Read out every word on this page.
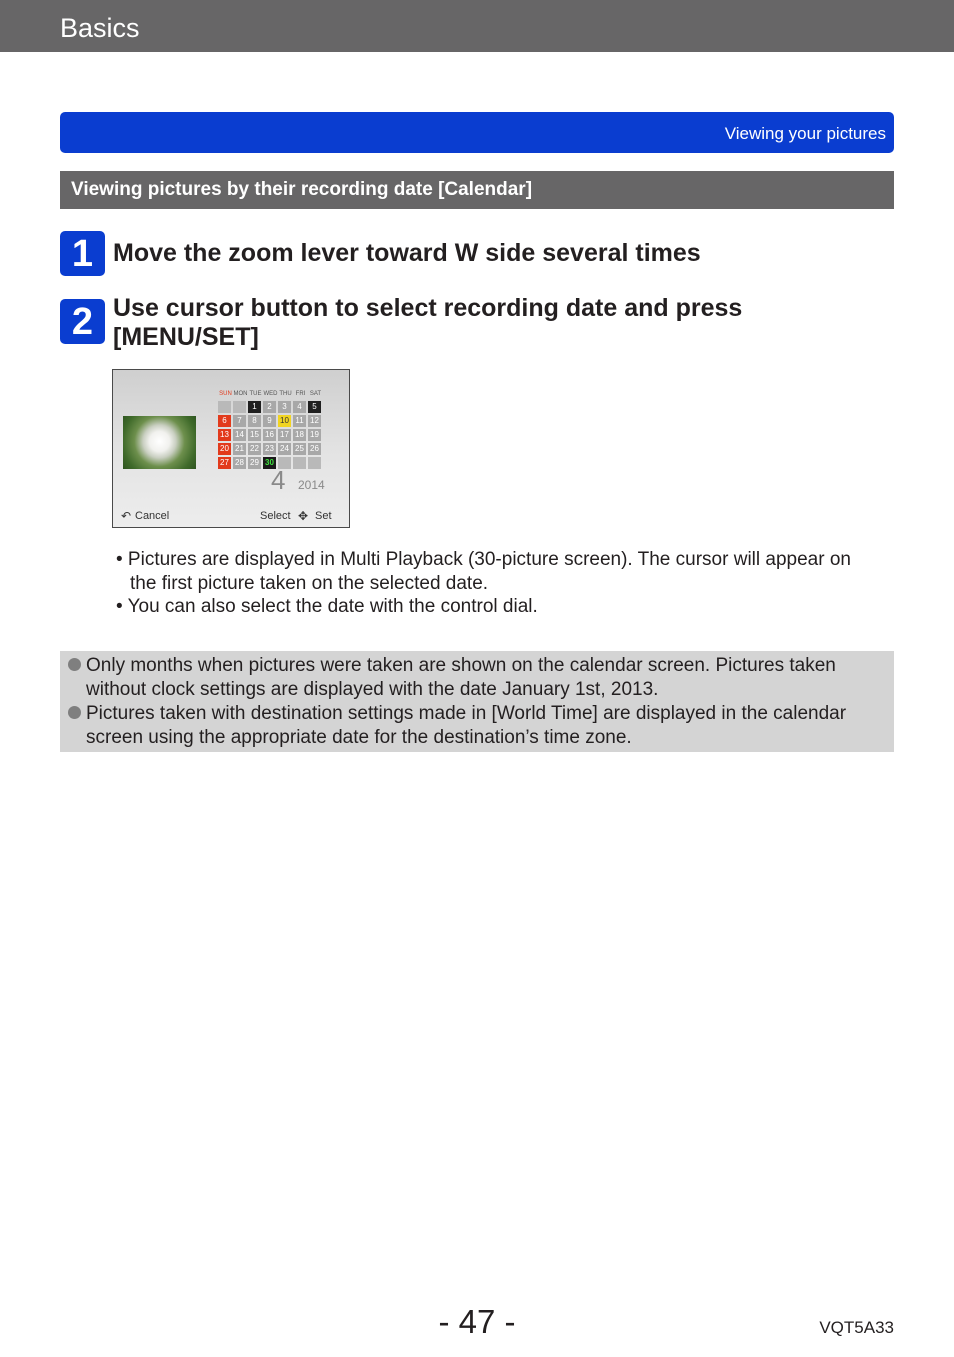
Basics
Viewing your pictures
Viewing pictures by their recording date [Calendar]
1 Move the zoom lever toward W side several times
2 Use cursor button to select recording date and press [MENU/SET]
SUN MON TUE WED THU FRI SAT
		1	2	3	4	5
6	7	8	9	10	11	12
13	14	15	16	17	18	19
20	21	22	23	24	25	26
27	28	29	30			
4 2014
↶ Cancel	Select ✥ Set
• Pictures are displayed in Multi Playback (30-picture screen). The cursor will appear on the first picture taken on the selected date.
• You can also select the date with the control dial.
Only months when pictures were taken are shown on the calendar screen. Pictures taken without clock settings are displayed with the date January 1st, 2013.
Pictures taken with destination settings made in [World Time] are displayed in the calendar screen using the appropriate date for the destination’s time zone.
- 47 -	VQT5A33
